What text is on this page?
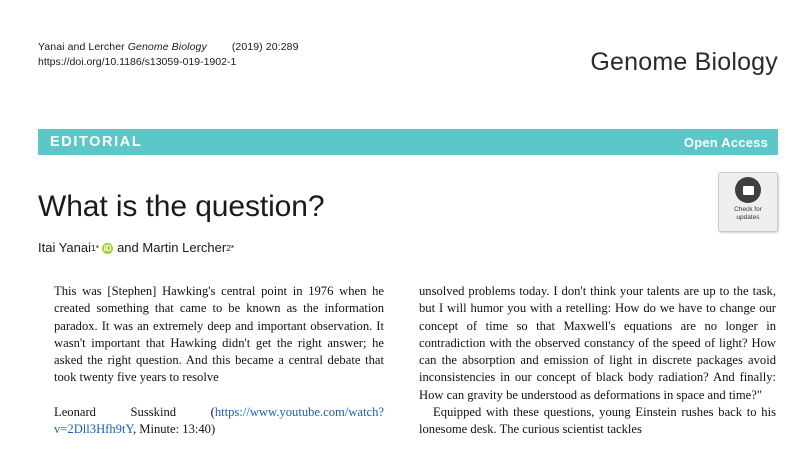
Yanai and Lercher Genome Biology (2019) 20:289
https://doi.org/10.1186/s13059-019-1902-1	Genome Biology
EDITORIAL	Open Access
What is the question?
Itai Yanai 1* iD and
Martin Lercher 2*
Check for
updates

This was [Stephen] Hawking's central point in 1976 when he created something that came to be known as the information paradox. It was an extremely deep and important observation. It wasn't important that Hawking didn't get the right answer; he asked the right question. And this became a central debate that took twenty five years to resolve

Leonard Susskind (https://www.youtube.com/watch?v=2Dll3Hfh9tY, Minute: 13:40)

unsolved problems today. I don't think your talents are up to the task, but I will humor you with a retelling: How do we have to change our concept of time so that Maxwell's equations are no longer in contradiction with the observed constancy of the speed of light? How can the absorption and emission of light in discrete packages avoid inconsistencies in our concept of black body radiation? And finally: How can gravity be understood as deformations in space and time?"

Equipped with these questions, young Einstein rushes back to his lonesome desk. The curious scientist tackles
